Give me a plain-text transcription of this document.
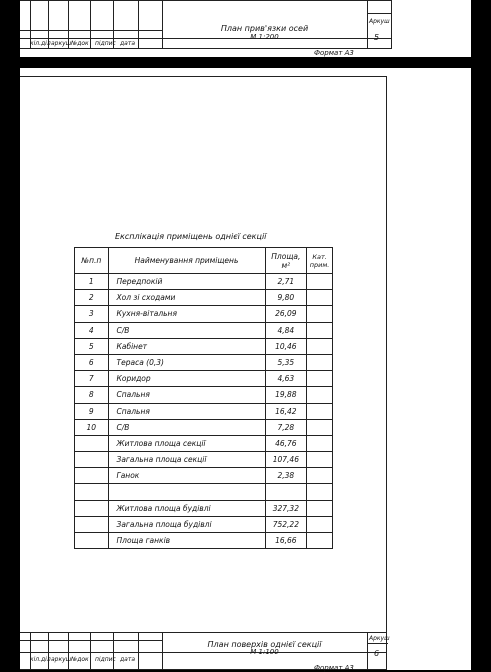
кіл.діл аркуш №док підпис дата
План прив'язки осей
М 1:200
Аркуш
5
Формат А3
Експлікація приміщень однієї секції
№п.п	Найменування приміщень	Площа, м²	Кат. прим.
1	Передпокій	2,71	
2	Хол зі сходами	9,80	
3	Кухня-вітальня	26,09	
4	С/В	4,84	
5	Кабінет	10,46	
6	Тераса (0,3)	5,35	
7	Коридор	4,63	
8	Спальня	19,88	
9	Спальня	16,42	
10	С/В	7,28	
	Житлова площа секції	46,76	
	Загальна площа секції	107,46	
	Ганок	2,38	

	Житлова площа будівлі	327,32	
	Загальна площа будівлі	752,22	
	Площа ганків	16,66	
кіл.діл аркуш №док підпис дата
План поверхів однієї секції
М 1:100
Аркуш
6
Формат А3
